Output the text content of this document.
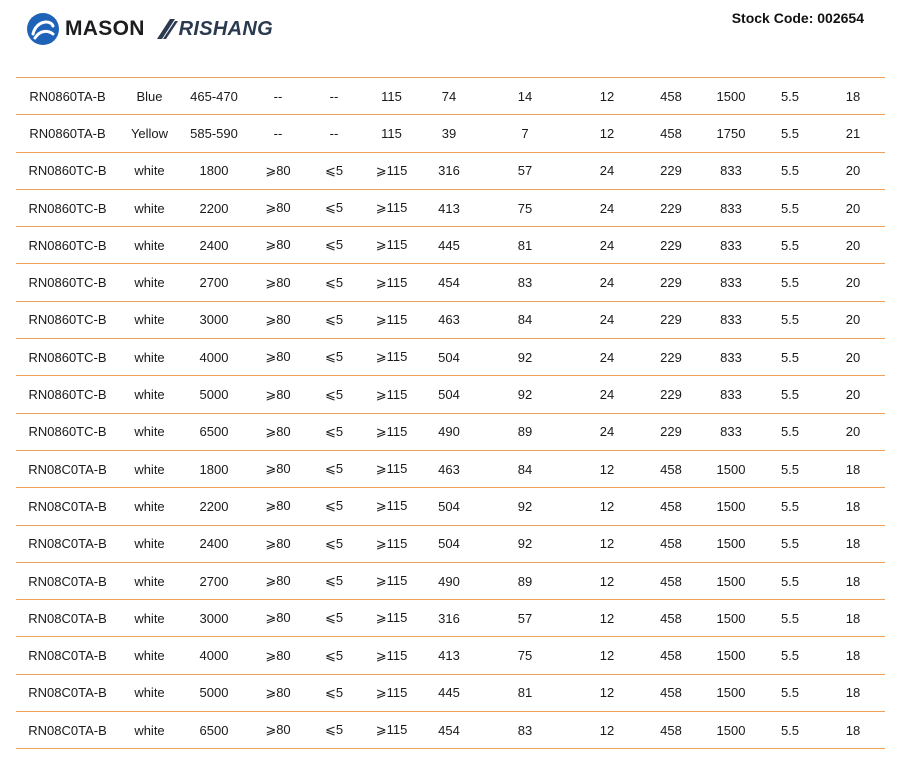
MASON RISHANG	Stock Code: 002654
RN0860TA-B	Blue	465-470	--	--	115	74	14	12	458	1500	5.5	18
RN0860TA-B	Yellow	585-590	--	--	115	39	7	12	458	1750	5.5	21
RN0860TC-B	white	1800	⩾80	⩽5	⩾115	316	57	24	229	833	5.5	20
RN0860TC-B	white	2200	⩾80	⩽5	⩾115	413	75	24	229	833	5.5	20
RN0860TC-B	white	2400	⩾80	⩽5	⩾115	445	81	24	229	833	5.5	20
RN0860TC-B	white	2700	⩾80	⩽5	⩾115	454	83	24	229	833	5.5	20
RN0860TC-B	white	3000	⩾80	⩽5	⩾115	463	84	24	229	833	5.5	20
RN0860TC-B	white	4000	⩾80	⩽5	⩾115	504	92	24	229	833	5.5	20
RN0860TC-B	white	5000	⩾80	⩽5	⩾115	504	92	24	229	833	5.5	20
RN0860TC-B	white	6500	⩾80	⩽5	⩾115	490	89	24	229	833	5.5	20
RN08C0TA-B	white	1800	⩾80	⩽5	⩾115	463	84	12	458	1500	5.5	18
RN08C0TA-B	white	2200	⩾80	⩽5	⩾115	504	92	12	458	1500	5.5	18
RN08C0TA-B	white	2400	⩾80	⩽5	⩾115	504	92	12	458	1500	5.5	18
RN08C0TA-B	white	2700	⩾80	⩽5	⩾115	490	89	12	458	1500	5.5	18
RN08C0TA-B	white	3000	⩾80	⩽5	⩾115	316	57	12	458	1500	5.5	18
RN08C0TA-B	white	4000	⩾80	⩽5	⩾115	413	75	12	458	1500	5.5	18
RN08C0TA-B	white	5000	⩾80	⩽5	⩾115	445	81	12	458	1500	5.5	18
RN08C0TA-B	white	6500	⩾80	⩽5	⩾115	454	83	12	458	1500	5.5	18
